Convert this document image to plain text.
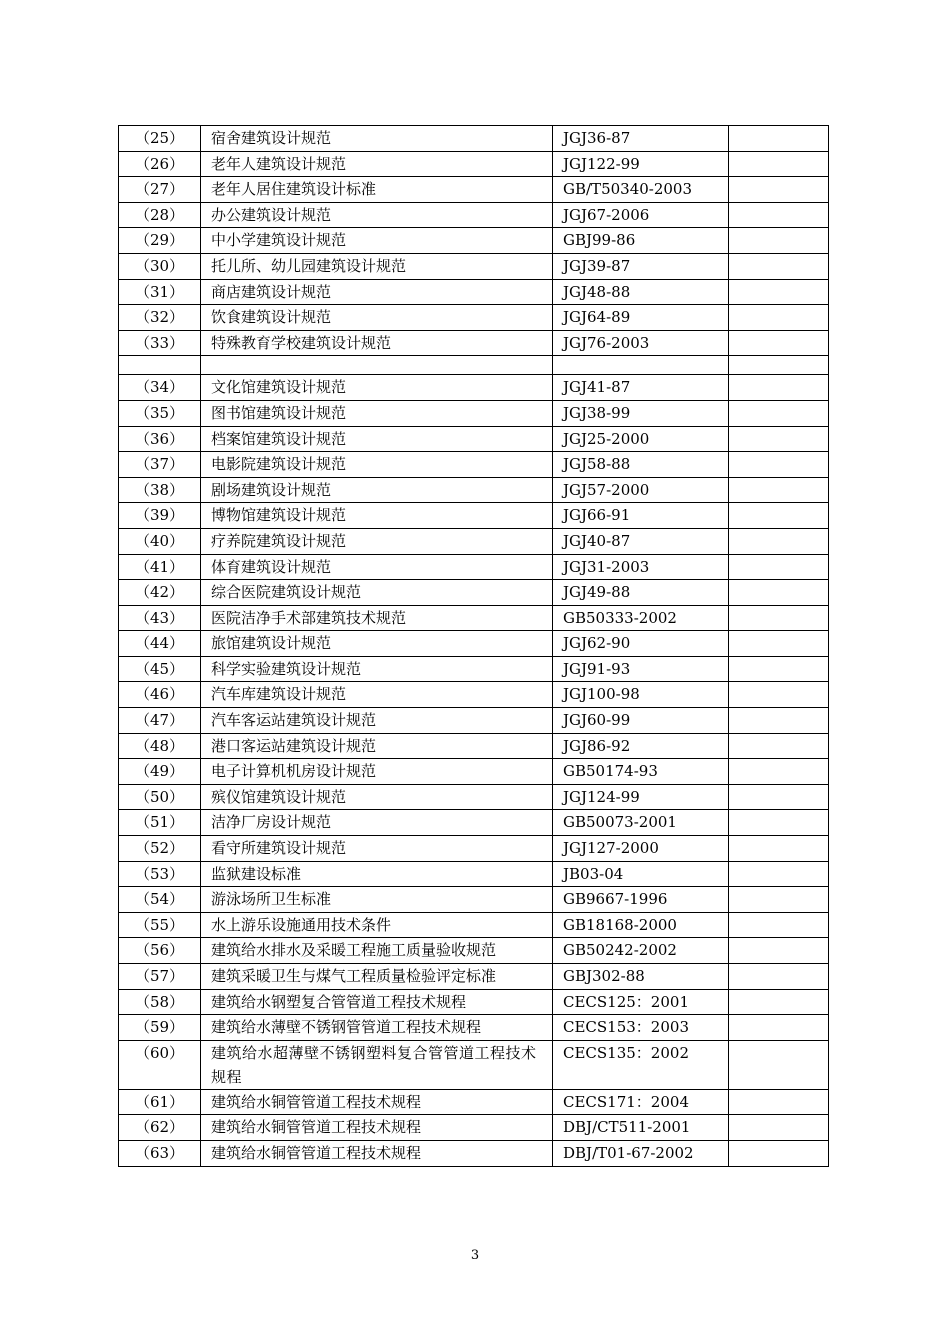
（25）	宿舍建筑设计规范	JGJ36-87	
（26）	老年人建筑设计规范	JGJ122-99	
（27）	老年人居住建筑设计标准	GB/T50340-2003	
（28）	办公建筑设计规范	JGJ67-2006	
（29）	中小学建筑设计规范	GBJ99-86	
（30）	托儿所、幼儿园建筑设计规范	JGJ39-87	
（31）	商店建筑设计规范	JGJ48-88	
（32）	饮食建筑设计规范	JGJ64-89	
（33）	特殊教育学校建筑设计规范	JGJ76-2003	

（34）	文化馆建筑设计规范	JGJ41-87	
（35）	图书馆建筑设计规范	JGJ38-99	
（36）	档案馆建筑设计规范	JGJ25-2000	
（37）	电影院建筑设计规范	JGJ58-88	
（38）	剧场建筑设计规范	JGJ57-2000	
（39）	博物馆建筑设计规范	JGJ66-91	
（40）	疗养院建筑设计规范	JGJ40-87	
（41）	体育建筑设计规范	JGJ31-2003	
（42）	综合医院建筑设计规范	JGJ49-88	
（43）	医院洁净手术部建筑技术规范	GB50333-2002	
（44）	旅馆建筑设计规范	JGJ62-90	
（45）	科学实验建筑设计规范	JGJ91-93	
（46）	汽车库建筑设计规范	JGJ100-98	
（47）	汽车客运站建筑设计规范	JGJ60-99	
（48）	港口客运站建筑设计规范	JGJ86-92	
（49）	电子计算机机房设计规范	GB50174-93	
（50）	殡仪馆建筑设计规范	JGJ124-99	
（51）	洁净厂房设计规范	GB50073-2001	
（52）	看守所建筑设计规范	JGJ127-2000	
（53）	监狱建设标准	JB03-04	
（54）	游泳场所卫生标准	GB9667-1996	
（55）	水上游乐设施通用技术条件	GB18168-2000	
（56）	建筑给水排水及采暖工程施工质量验收规范	GB50242-2002	
（57）	建筑采暖卫生与煤气工程质量检验评定标准	GBJ302-88	
（58）	建筑给水钢塑复合管管道工程技术规程	CECS125：2001	
（59）	建筑给水薄壁不锈钢管管道工程技术规程	CECS153：2003	
（60）	建筑给水超薄壁不锈钢塑料复合管管道工程技术规程	CECS135：2002	
（61）	建筑给水铜管管道工程技术规程	CECS171：2004	
（62）	建筑给水铜管管道工程技术规程	DBJ/CT511-2001	
（63）	建筑给水铜管管道工程技术规程	DBJ/T01-67-2002	
3
